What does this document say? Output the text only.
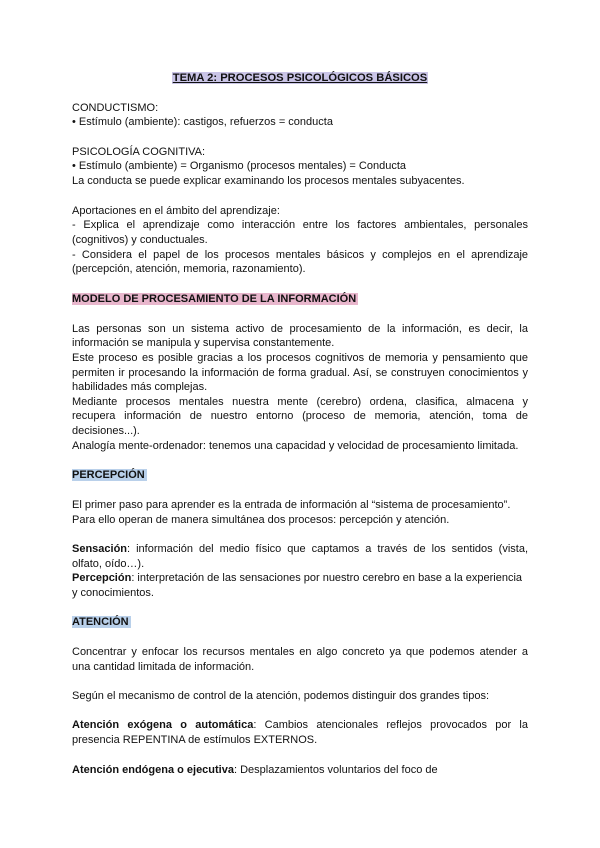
TEMA 2: PROCESOS PSICOLÓGICOS BÁSICOS
CONDUCTISMO:
• Estímulo (ambiente): castigos, refuerzos = conducta
PSICOLOGÍA COGNITIVA:
• Estímulo (ambiente) = Organismo (procesos mentales) = Conducta
La conducta se puede explicar examinando los procesos mentales subyacentes.
Aportaciones en el ámbito del aprendizaje:
- Explica el aprendizaje como interacción entre los factores ambientales, personales
(cognitivos) y conductuales.
- Considera el papel de los procesos mentales básicos y complejos en el aprendizaje
(percepción, atención, memoria, razonamiento).
MODELO DE PROCESAMIENTO DE LA INFORMACIÓN
Las personas son un sistema activo de procesamiento de la información, es decir, la
información se manipula y supervisa constantemente.
Este proceso es posible gracias a los procesos cognitivos de memoria y pensamiento que
permiten ir procesando la información de forma gradual. Así, se construyen conocimientos y
habilidades más complejas.
Mediante procesos mentales nuestra mente (cerebro) ordena, clasifica, almacena y
recupera información de nuestro entorno (proceso de memoria, atención, toma de
decisiones...).
Analogía mente-ordenador: tenemos una capacidad y velocidad de procesamiento limitada.
PERCEPCIÓN
El primer paso para aprender es la entrada de información al “sistema de procesamiento”.
Para ello operan de manera simultánea dos procesos: percepción y atención.
Sensación: información del medio físico que captamos a través de los sentidos (vista,
olfato, oído…).
Percepción: interpretación de las sensaciones por nuestro cerebro en base a la experiencia
y conocimientos.
ATENCIÓN
Concentrar y enfocar los recursos mentales en algo concreto ya que podemos atender a
una cantidad limitada de información.
Según el mecanismo de control de la atención, podemos distinguir dos grandes tipos:
Atención exógena o automática: Cambios atencionales reflejos provocados por la
presencia REPENTINA de estímulos EXTERNOS.
Atención endógena o ejecutiva: Desplazamientos voluntarios del foco de
